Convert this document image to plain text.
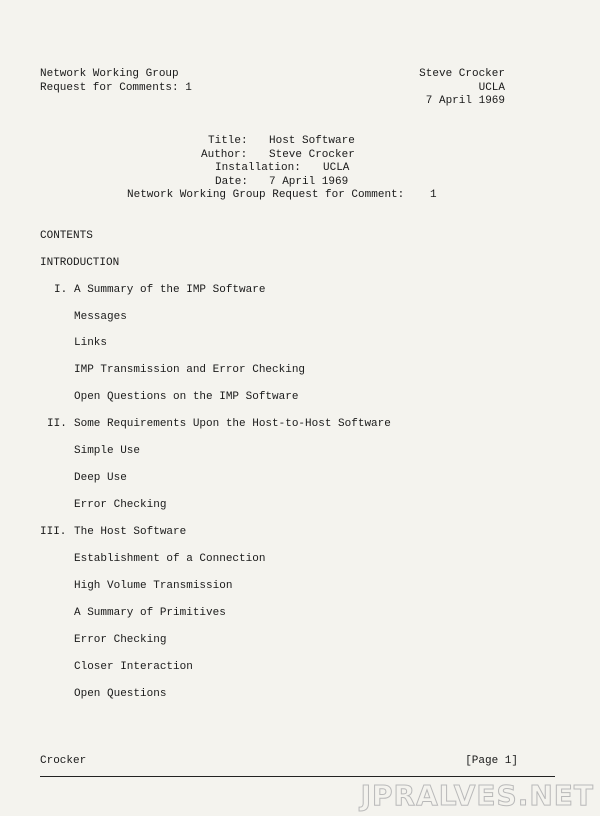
Network Working Group
Request for Comments: 1
Steve Crocker
UCLA
7 April 1969
Title: Host Software
Author: Steve Crocker
Installation: UCLA
Date: 7 April 1969
Network Working Group Request for Comment: 1
CONTENTS
INTRODUCTION
I. A Summary of the IMP Software
Messages
Links
IMP Transmission and Error Checking
Open Questions on the IMP Software
II. Some Requirements Upon the Host-to-Host Software
Simple Use
Deep Use
Error Checking
III. The Host Software
Establishment of a Connection
High Volume Transmission
A Summary of Primitives
Error Checking
Closer Interaction
Open Questions
Crocker	[Page 1]
JPRALVES.NET
